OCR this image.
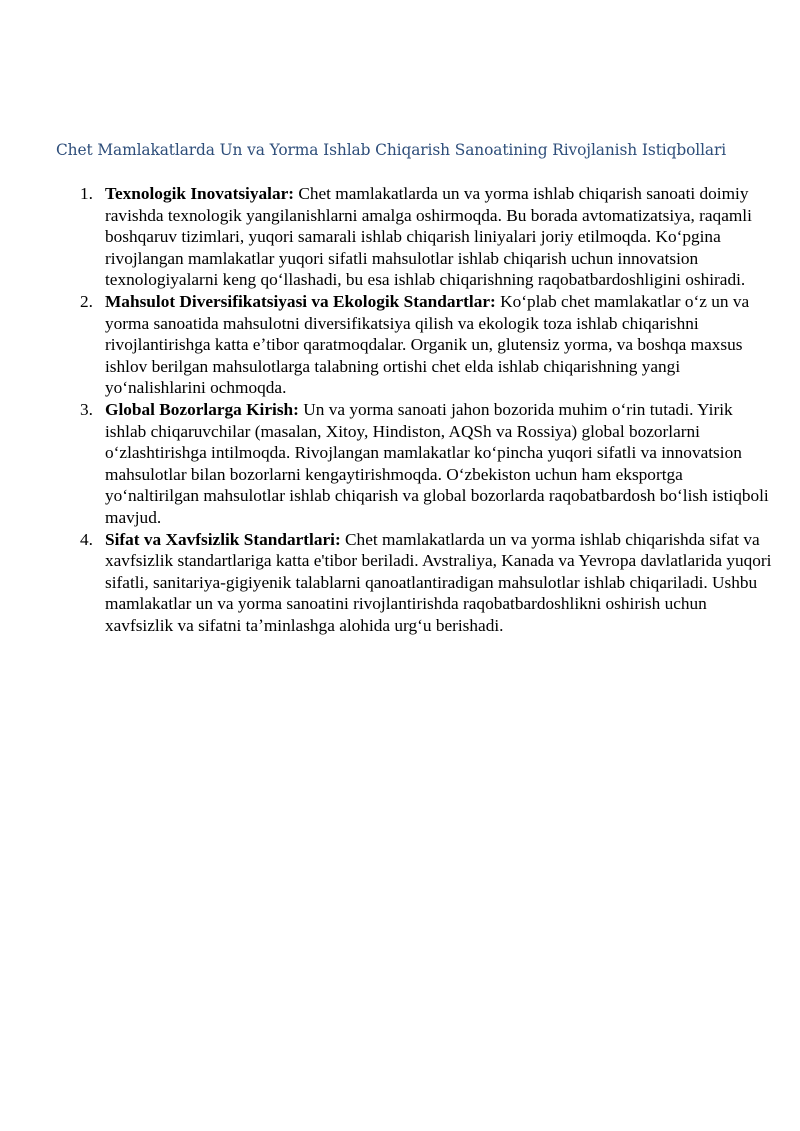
Chet Mamlakatlarda Un va Yorma Ishlab Chiqarish Sanoatining Rivojlanish Istiqbollari
1. Texnologik Inovatsiyalar: Chet mamlakatlarda un va yorma ishlab chiqarish sanoati doimiy ravishda texnologik yangilanishlarni amalga oshirmoqda. Bu borada avtomatizatsiya, raqamli boshqaruv tizimlari, yuqori samarali ishlab chiqarish liniyalari joriy etilmoqda. Koʻpgina rivojlangan mamlakatlar yuqori sifatli mahsulotlar ishlab chiqarish uchun innovatsion texnologiyalarni keng qoʻllashadi, bu esa ishlab chiqarishning raqobatbardoshligini oshiradi.
2. Mahsulot Diversifikatsiyasi va Ekologik Standartlar: Koʻplab chet mamlakatlar oʻz un va yorma sanoatida mahsulotni diversifikatsiya qilish va ekologik toza ishlab chiqarishni rivojlantirishga katta eʼtibor qaratmoqdalar. Organik un, glutensiz yorma, va boshqa maxsus ishlov berilgan mahsulotlarga talabning ortishi chet elda ishlab chiqarishning yangi yoʻnalishlarini ochmoqda.
3. Global Bozorlarga Kirish: Un va yorma sanoati jahon bozorida muhim oʻrin tutadi. Yirik ishlab chiqaruvchilar (masalan, Xitoy, Hindiston, AQSh va Rossiya) global bozorlarni oʻzlashtirishga intilmoqda. Rivojlangan mamlakatlar koʻpincha yuqori sifatli va innovatsion mahsulotlar bilan bozorlarni kengaytirishmoqda. Oʻzbekiston uchun ham eksportga yoʻnaltirilgan mahsulotlar ishlab chiqarish va global bozorlarda raqobatbardosh boʻlish istiqboli mavjud.
4. Sifat va Xavfsizlik Standartlari: Chet mamlakatlarda un va yorma ishlab chiqarishda sifat va xavfsizlik standartlariga katta e'tibor beriladi. Avstraliya, Kanada va Yevropa davlatlarida yuqori sifatli, sanitariya-gigiyenik talablarni qanoatlantiradigan mahsulotlar ishlab chiqariladi. Ushbu mamlakatlar un va yorma sanoatini rivojlantirishda raqobatbardoshlikni oshirish uchun xavfsizlik va sifatni taʼminlashga alohida urgʻu berishadi.
